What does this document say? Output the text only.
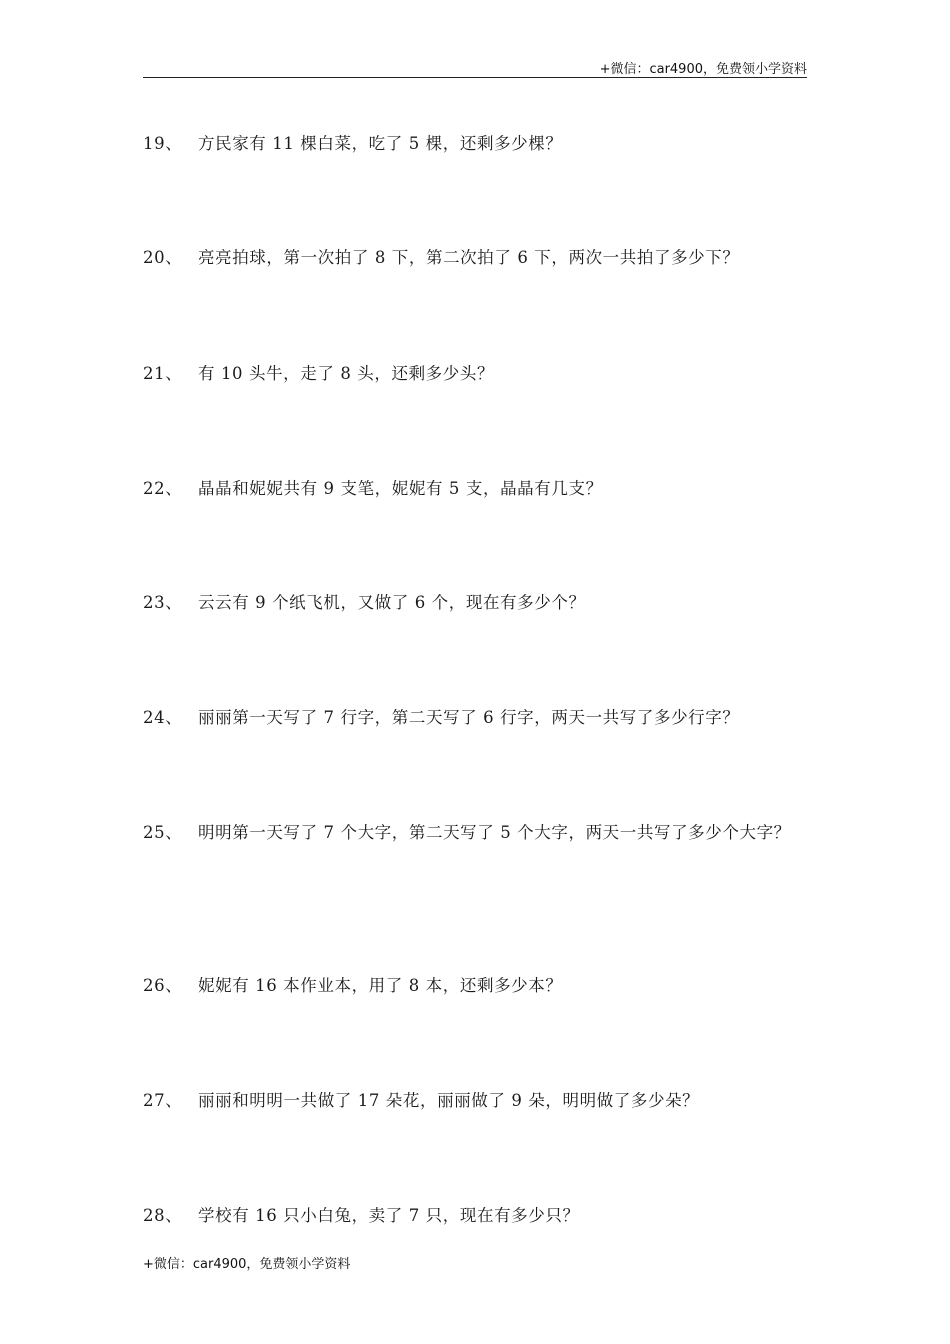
+微信：car4900，免费领小学资料
19、 方民家有 11 棵白菜，吃了 5 棵，还剩多少棵？
20、 亮亮拍球，第一次拍了 8 下，第二次拍了 6 下，两次一共拍了多少下？
21、 有 10 头牛，走了 8 头，还剩多少头？
22、 晶晶和妮妮共有 9 支笔，妮妮有 5 支，晶晶有几支？
23、 云云有 9 个纸飞机，又做了 6 个，现在有多少个？
24、 丽丽第一天写了 7 行字，第二天写了 6 行字，两天一共写了多少行字？
25、 明明第一天写了 7 个大字，第二天写了 5 个大字，两天一共写了多少个大字？
26、 妮妮有 16 本作业本，用了 8 本，还剩多少本？
27、 丽丽和明明一共做了 17 朵花，丽丽做了 9 朵，明明做了多少朵？
28、 学校有 16 只小白兔，卖了 7 只，现在有多少只？
+微信：car4900，免费领小学资料
